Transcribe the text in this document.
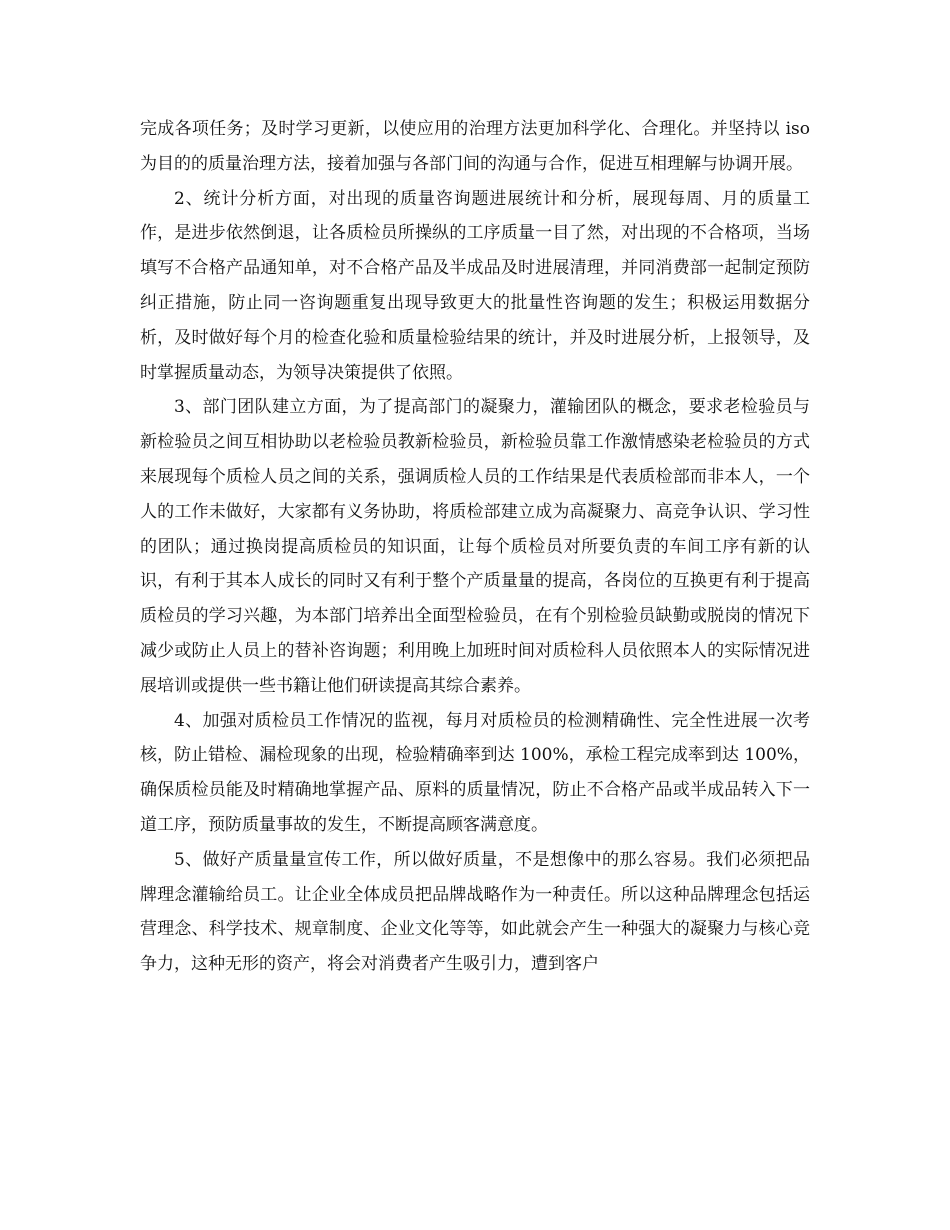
完成各项任务；及时学习更新，以使应用的治理方法更加科学化、合理化。并坚持以 iso 为目的的质量治理方法，接着加强与各部门间的沟通与合作，促进互相理解与协调开展。

2、统计分析方面，对出现的质量咨询题进展统计和分析，展现每周、月的质量工作，是进步依然倒退，让各质检员所操纵的工序质量一目了然，对出现的不合格项，当场填写不合格产品通知单，对不合格产品及半成品及时进展清理，并同消费部一起制定预防纠正措施，防止同一咨询题重复出现导致更大的批量性咨询题的发生；积极运用数据分析，及时做好每个月的检查化验和质量检验结果的统计，并及时进展分析，上报领导，及时掌握质量动态，为领导决策提供了依照。

3、部门团队建立方面，为了提高部门的凝聚力，灌输团队的概念，要求老检验员与新检验员之间互相协助以老检验员教新检验员，新检验员靠工作激情感染老检验员的方式来展现每个质检人员之间的关系，强调质检人员的工作结果是代表质检部而非本人，一个人的工作未做好，大家都有义务协助，将质检部建立成为高凝聚力、高竞争认识、学习性的团队；通过换岗提高质检员的知识面，让每个质检员对所要负责的车间工序有新的认识，有利于其本人成长的同时又有利于整个产质量量的提高，各岗位的互换更有利于提高质检员的学习兴趣，为本部门培养出全面型检验员，在有个别检验员缺勤或脱岗的情况下减少或防止人员上的替补咨询题；利用晚上加班时间对质检科人员依照本人的实际情况进展培训或提供一些书籍让他们研读提高其综合素养。

4、加强对质检员工作情况的监视，每月对质检员的检测精确性、完全性进展一次考核，防止错检、漏检现象的出现，检验精确率到达 100%，承检工程完成率到达 100%，确保质检员能及时精确地掌握产品、原料的质量情况，防止不合格产品或半成品转入下一道工序，预防质量事故的发生，不断提高顾客满意度。

5、做好产质量量宣传工作，所以做好质量，不是想像中的那么容易。我们必须把品牌理念灌输给员工。让企业全体成员把品牌战略作为一种责任。所以这种品牌理念包括运营理念、科学技术、规章制度、企业文化等等，如此就会产生一种强大的凝聚力与核心竞争力，这种无形的资产，将会对消费者产生吸引力，遭到客户
